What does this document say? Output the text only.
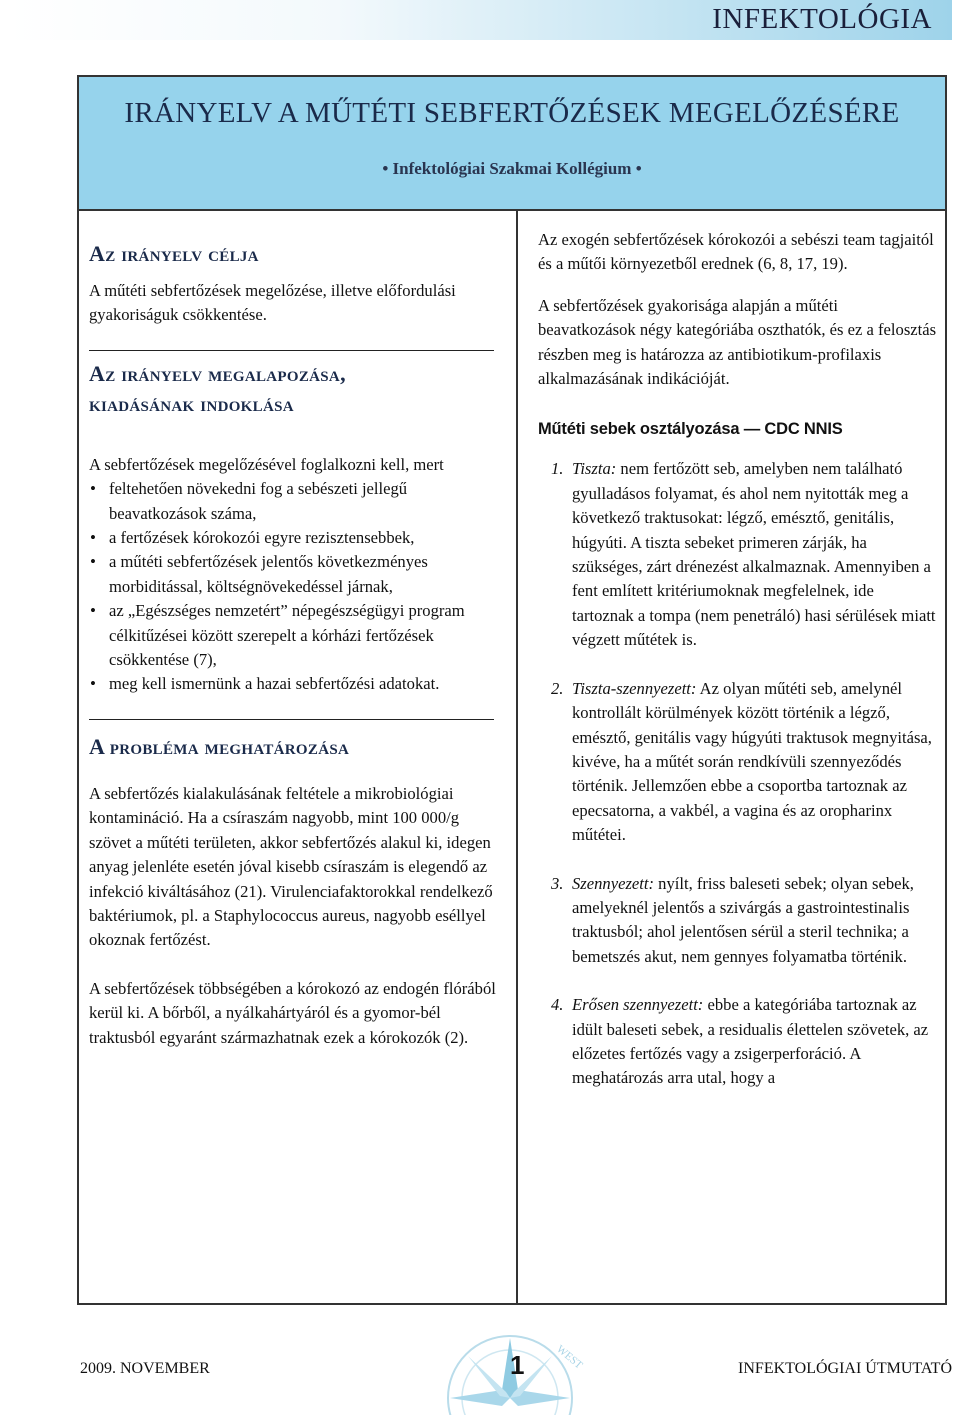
INFEKTOLÓGIA
IRÁNYELV A MŰTÉTI SEBFERTŐZÉSEK MEGELŐZÉSÉRE
• Infektológiai Szakmai Kollégium •
Az irányelv célja

A műtéti sebfertőzések megelőzése, illetve előfordulási gyakoriságuk csökkentése.

Az irányelv megalapozása,
kiadásának indoklása

A sebfertőzések megelőzésével foglalkozni kell, mert

• feltehetően növekedni fog a sebészeti jellegű beavatkozások száma,
• a fertőzések kórokozói egyre rezisztensebbek,
• a műtéti sebfertőzések jelentős következményes morbiditással, költségnövekedéssel járnak,
• az „Egészséges nemzetért” népegészségügyi program célkitűzései között szerepelt a kórházi fertőzések csökkentése (7),
• meg kell ismernünk a hazai sebfertőzési adatokat.
A probléma meghatározása

A sebfertőzés kialakulásának feltétele a mikrobiológiai kontamináció. Ha a csíraszám nagyobb, mint 100 000/g szövet a műtéti területen, akkor sebfertőzés alakul ki, idegen anyag jelenléte esetén jóval kisebb csíraszám is elegendő az infekció kiváltásához (21). Virulenciafaktorokkal rendelkező baktériumok, pl. a Staphylococcus aureus, nagyobb eséllyel okoznak fertőzést.

A sebfertőzések többségében a kórokozó az endogén flórából kerül ki. A bőrből, a nyálkahártyáról és a gyomor-bél traktusból egyaránt származhatnak ezek a kórokozók (2).

Az exogén sebfertőzések kórokozói a sebészi team tagjaitól és a műtői környezetből erednek (6, 8, 17, 19).

A sebfertőzések gyakorisága alapján a műtéti beavatkozások négy kategóriába oszthatók, és ez a felosztás részben meg is határozza az antibiotikum-profilaxis alkalmazásának indikációját.

Műtéti sebek osztályozása — CDC NNIS

1. Tiszta: nem fertőzött seb, amelyben nem található gyulladásos folyamat, és ahol nem nyitották meg a következő traktusokat: légző, emésztő, genitális, húgyúti. A tiszta sebeket primeren zárják, ha szükséges, zárt drénezést alkalmaznak. Amennyiben a fent említett kritériumoknak megfelelnek, ide tartoznak a tompa (nem penetráló) hasi sérülések miatt végzett műtétek is.

2. Tiszta-szennyezett: Az olyan műtéti seb, amelynél kontrollált körülmények között történik a légző, emésztő, genitális vagy húgyúti traktusok megnyitása, kivéve, ha a műtét során rendkívüli szennyeződés történik. Jellemzően ebbe a csoportba tartoznak az epecsatorna, a vakbél, a vagina és az oropharinx műtétei.

3. Szennyezett: nyílt, friss baleseti sebek; olyan sebek, amelyeknél jelentős a szivárgás a gastrointestinalis traktusból; ahol jelentősen sérül a steril technika; a bemetszés akut, nem gennyes folyamatba történik.

4. Erősen szennyezett: ebbe a kategóriába tartoznak az idült baleseti sebek, a residualis élettelen szövetek, az előzetes fertőzés vagy a zsigerperforáció. A meghatározás arra utal, hogy a

WEST
2009. NOVEMBER	1	INFEKTOLÓGIAI ÚTMUTATÓ
